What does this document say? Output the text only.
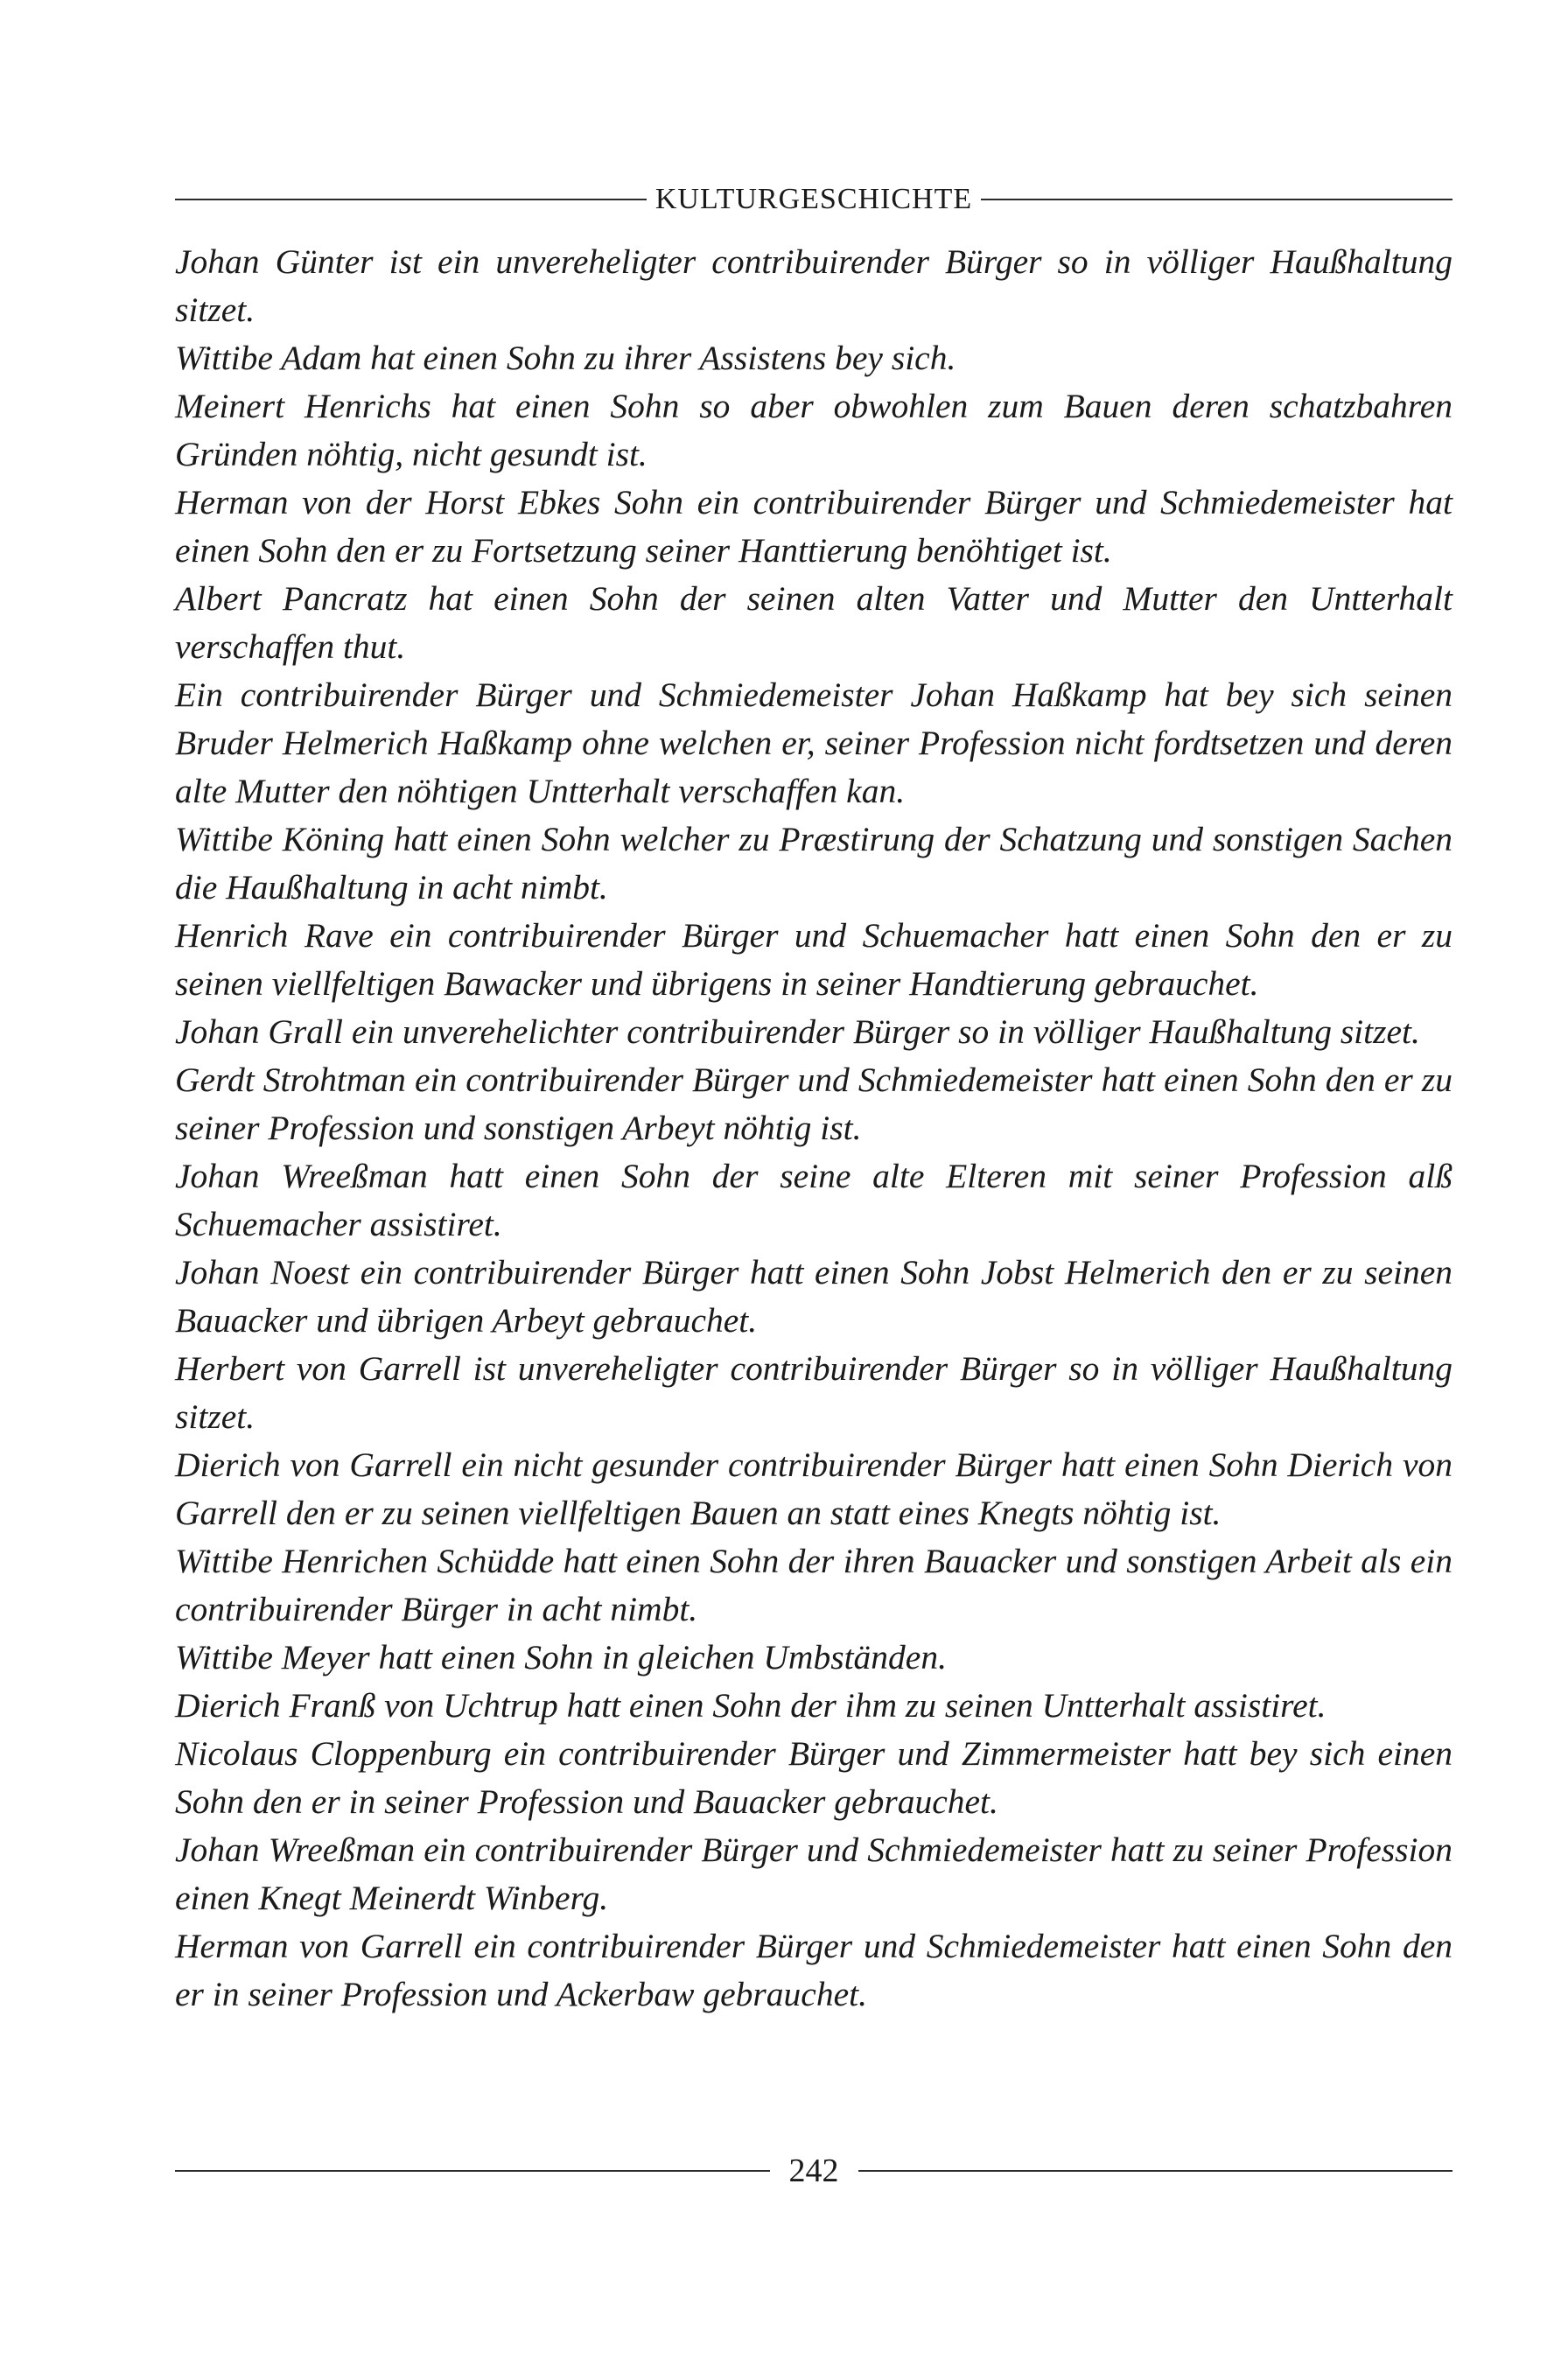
KULTURGESCHICHTE

Johan Günter ist ein unvereheligter contribuirender Bürger so in völliger Haußhaltung sitzet.

Wittibe Adam hat einen Sohn zu ihrer Assistens bey sich.

Meinert Henrichs hat einen Sohn so aber obwohlen zum Bauen deren schatzbahren Gründen nöhtig, nicht gesundt ist.

Herman von der Horst Ebkes Sohn ein contribuirender Bürger und Schmiedemeister hat einen Sohn den er zu Fortsetzung seiner Hanttierung benöhtiget ist.

Albert Pancratz hat einen Sohn der seinen alten Vatter und Mutter den Untterhalt verschaffen thut.

Ein contribuirender Bürger und Schmiedemeister Johan Haßkamp hat bey sich seinen Bruder Helmerich Haßkamp ohne welchen er, seiner Profession nicht fordtsetzen und deren alte Mutter den nöhtigen Untterhalt verschaffen kan.

Wittibe Köning hatt einen Sohn welcher zu Præstirung der Schatzung und sonstigen Sachen die Haußhaltung in acht nimbt.

Henrich Rave ein contribuirender Bürger und Schuemacher hatt einen Sohn den er zu seinen viellfeltigen Bawacker und übrigens in seiner Handtierung gebrauchet.

Johan Grall ein unverehelichter contribuirender Bürger so in völliger Haußhaltung sitzet.

Gerdt Strohtman ein contribuirender Bürger und Schmiedemeister hatt einen Sohn den er zu seiner Profession und sonstigen Arbeyt nöhtig ist.

Johan Wreeßman hatt einen Sohn der seine alte Elteren mit seiner Profession alß Schuemacher assistiret.

Johan Noest ein contribuirender Bürger hatt einen Sohn Jobst Helmerich den er zu seinen Bauacker und übrigen Arbeyt gebrauchet.

Herbert von Garrell ist unvereheligter contribuirender Bürger so in völliger Haußhaltung sitzet.

Dierich von Garrell ein nicht gesunder contribuirender Bürger hatt einen Sohn Dierich von Garrell den er zu seinen viellfeltigen Bauen an statt eines Knegts nöhtig ist.

Wittibe Henrichen Schüdde hatt einen Sohn der ihren Bauacker und sonstigen Arbeit als ein contribuirender Bürger in acht nimbt.

Wittibe Meyer hatt einen Sohn in gleichen Umbständen.

Dierich Franß von Uchtrup hatt einen Sohn der ihm zu seinen Untterhalt assistiret.

Nicolaus Cloppenburg ein contribuirender Bürger und Zimmermeister hatt bey sich einen Sohn den er in seiner Profession und Bauacker gebrauchet.

Johan Wreeßman ein contribuirender Bürger und Schmiedemeister hatt zu seiner Profession einen Knegt Meinerdt Winberg.

Herman von Garrell ein contribuirender Bürger und Schmiedemeister hatt einen Sohn den er in seiner Profession und Ackerbaw gebrauchet.

242
